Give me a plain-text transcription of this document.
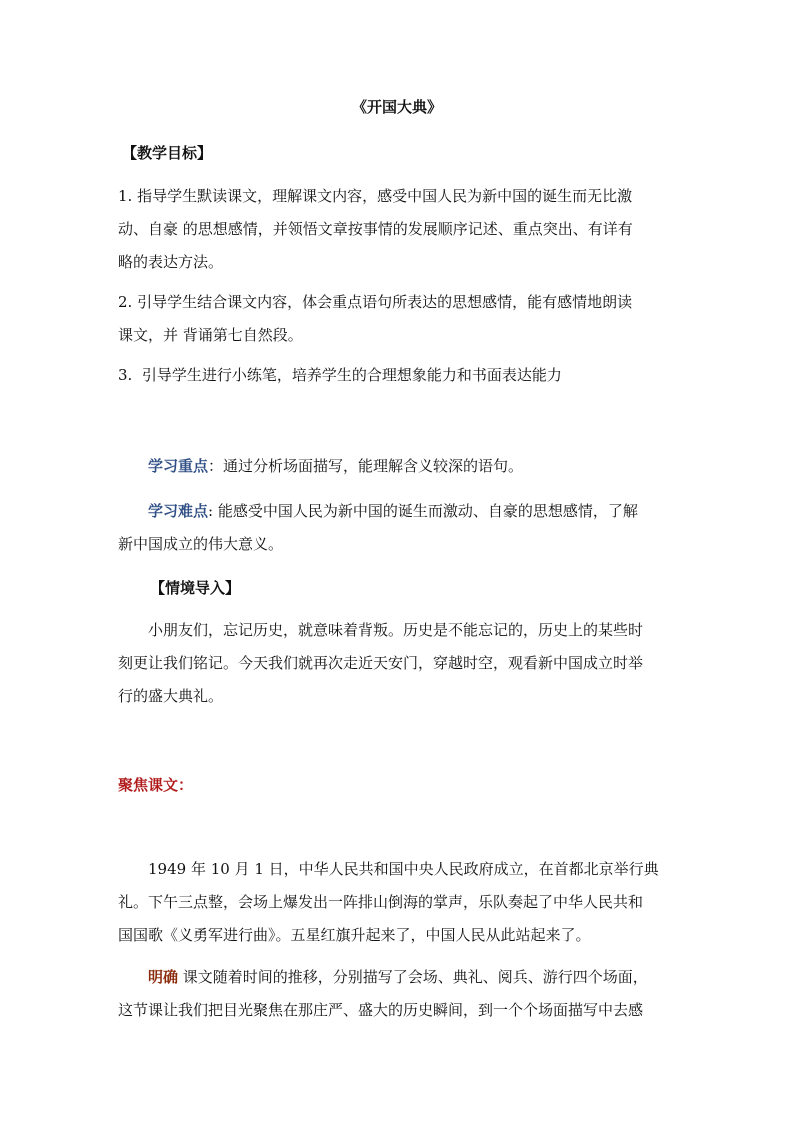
《开国大典》
【教学目标】
1. 指导学生默读课文，理解课文内容，感受中国人民为新中国的诞生而无比激
动、自豪 的思想感情，并领悟文章按事情的发展顺序记述、重点突出、有详有
略的表达方法。
2. 引导学生结合课文内容，体会重点语句所表达的思想感情，能有感情地朗读
课文，并 背诵第七自然段。
3.  引导学生进行小练笔，培养学生的合理想象能力和书面表达能力
学习重点：通过分析场面描写，能理解含义较深的语句。
学习难点: 能感受中国人民为新中国的诞生而激动、自豪的思想感情，了解
新中国成立的伟大意义。
【情境导入】
小朋友们，忘记历史，就意味着背叛。历史是不能忘记的，历史上的某些时
刻更让我们铭记。今天我们就再次走近天安门，穿越时空，观看新中国成立时举
行的盛大典礼。
聚焦课文：
1949 年 10 月 1 日，中华人民共和国中央人民政府成立，在首都北京举行典
礼。下午三点整，会场上爆发出一阵排山倒海的掌声，乐队奏起了中华人民共和
国国歌《义勇军进行曲》。五星红旗升起来了，中国人民从此站起来了。
明确 课文随着时间的推移，分别描写了会场、典礼、阅兵、游行四个场面，
这节课让我们把目光聚焦在那庄严、盛大的历史瞬间，到一个个场面描写中去感
